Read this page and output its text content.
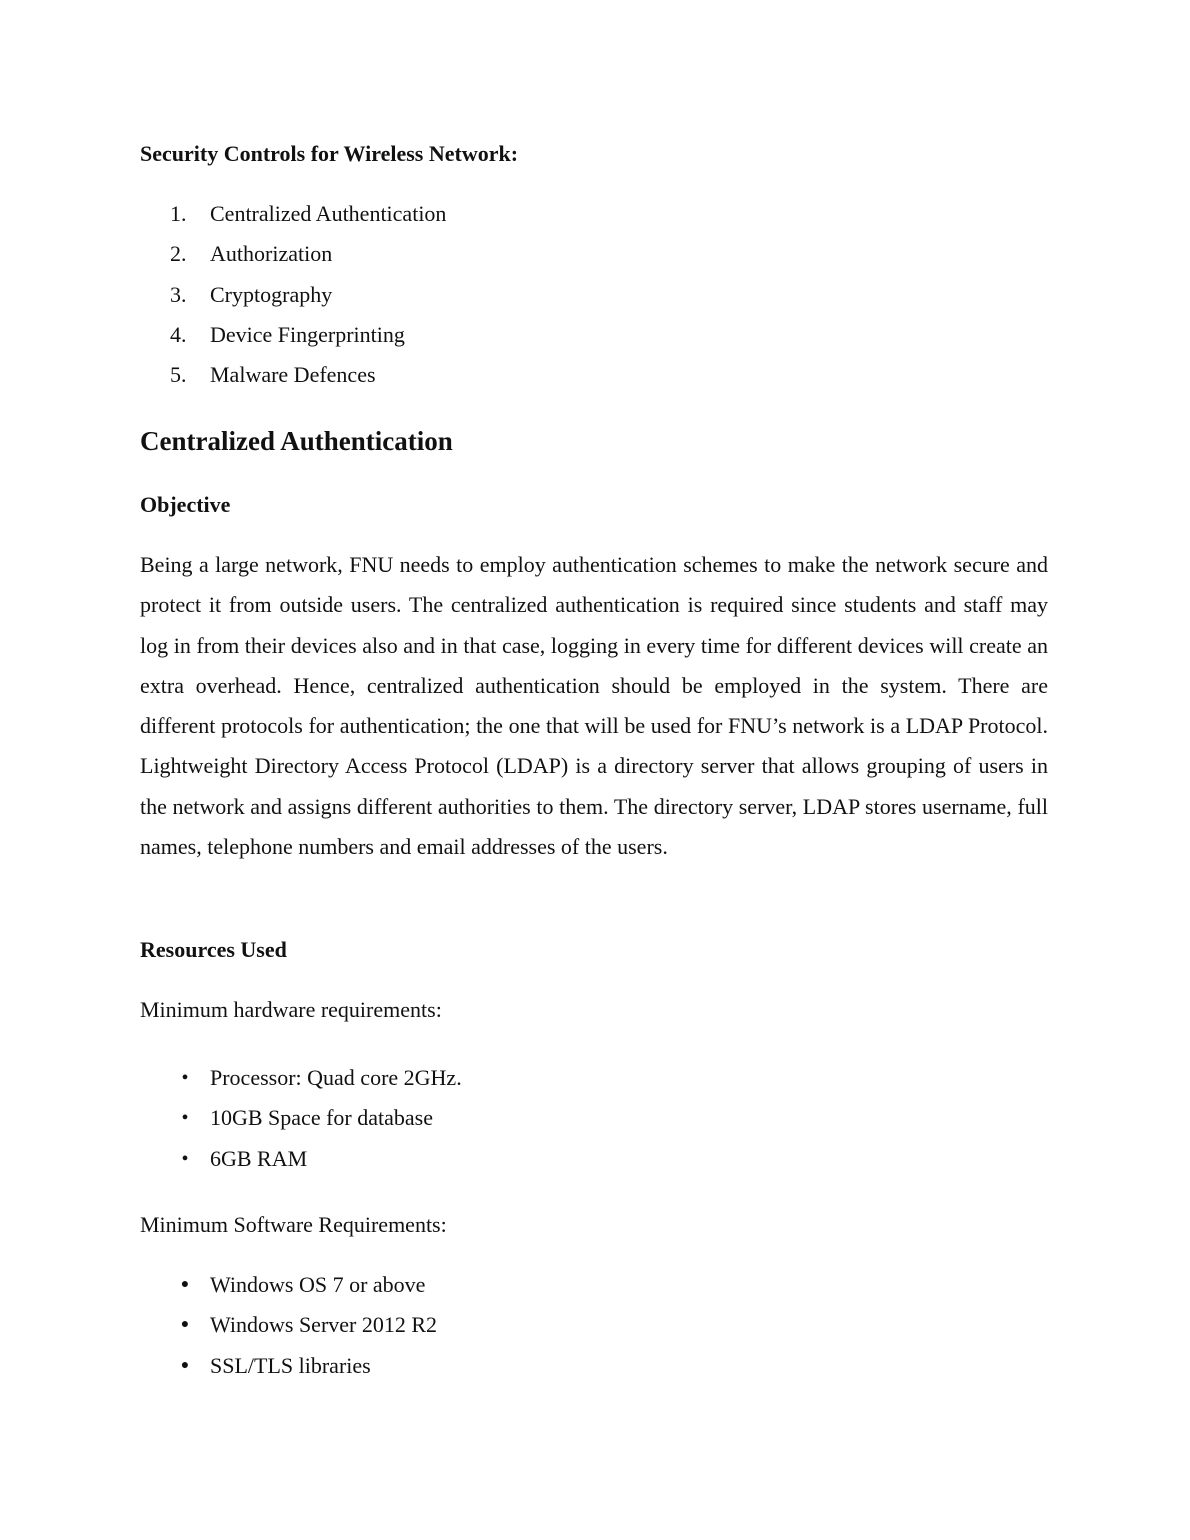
Security Controls for Wireless Network:

1.	Centralized Authentication
2.	Authorization
3.	Cryptography
4.	Device Fingerprinting
5.	Malware Defences
Centralized Authentication

Objective

Being a large network, FNU needs to employ authentication schemes to make the network secure and protect it from outside users. The centralized authentication is required since students and staff may log in from their devices also and in that case, logging in every time for different devices will create an extra overhead. Hence, centralized authentication should be employed in the system. There are different protocols for authentication; the one that will be used for FNU’s network is a LDAP Protocol. Lightweight Directory Access Protocol (LDAP) is a directory server that allows grouping of users in the network and assigns different authorities to them. The directory server, LDAP stores username, full names, telephone numbers and email addresses of the users.

Resources Used

Minimum hardware requirements:

• Processor: Quad core 2GHz.
• 10GB Space for database
• 6GB RAM

Minimum Software Requirements:

● Windows OS 7 or above
● Windows Server 2012 R2
● SSL/TLS libraries
